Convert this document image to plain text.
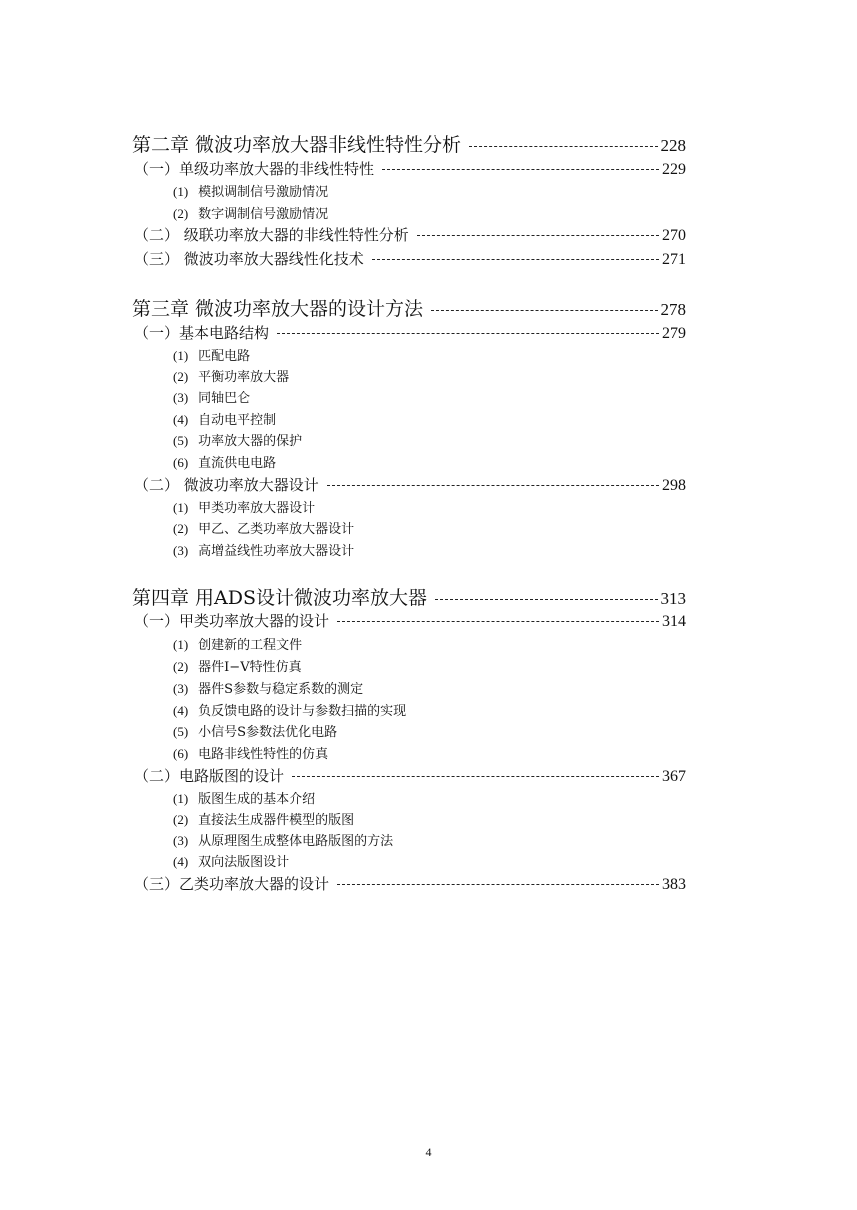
第二章 微波功率放大器非线性特性分析	228
（一）单级功率放大器的非线性特性	229
(1) 模拟调制信号激励情况
(2) 数字调制信号激励情况
（二） 级联功率放大器的非线性特性分析	270
（三） 微波功率放大器线性化技术	271
第三章 微波功率放大器的设计方法	278
（一）基本电路结构	279
(1) 匹配电路
(2) 平衡功率放大器
(3) 同轴巴仑
(4) 自动电平控制
(5) 功率放大器的保护
(6) 直流供电电路
（二） 微波功率放大器设计	298
(1) 甲类功率放大器设计
(2) 甲乙、乙类功率放大器设计
(3) 高增益线性功率放大器设计
第四章 用ADS设计微波功率放大器	313
（一）甲类功率放大器的设计	314
(1) 创建新的工程文件
(2) 器件I−V特性仿真
(3) 器件S参数与稳定系数的测定
(4) 负反馈电路的设计与参数扫描的实现
(5) 小信号S参数法优化电路
(6) 电路非线性特性的仿真
（二）电路版图的设计	367
(1) 版图生成的基本介绍
(2) 直接法生成器件模型的版图
(3) 从原理图生成整体电路版图的方法
(4) 双向法版图设计
（三）乙类功率放大器的设计	383
4
